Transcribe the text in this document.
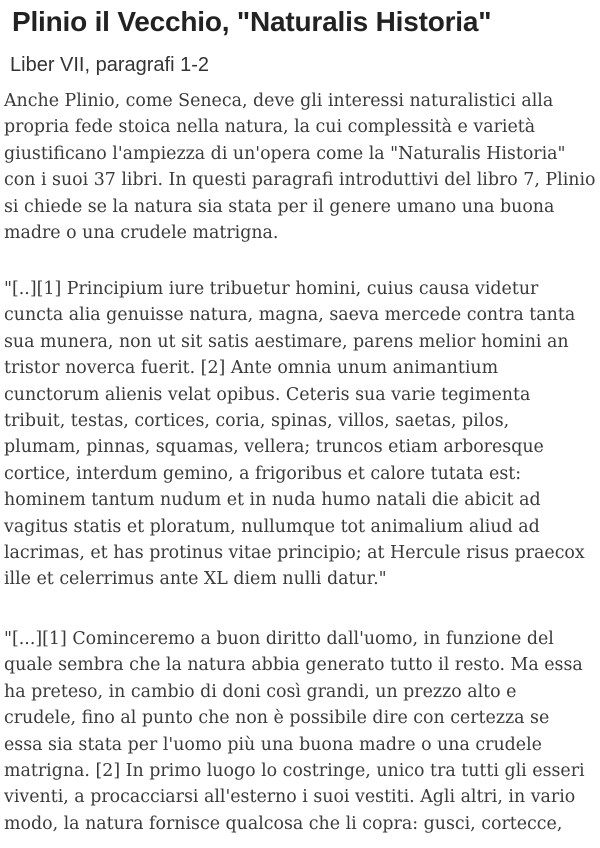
Plinio il Vecchio, "Naturalis Historia"
Liber VII, paragrafi 1-2

Anche Plinio, come Seneca, deve gli interessi naturalistici alla
propria fede stoica nella natura, la cui complessità e varietà
giustificano l'ampiezza di un'opera come la "Naturalis Historia"
con i suoi 37 libri. In questi paragrafi introduttivi del libro 7, Plinio
si chiede se la natura sia stata per il genere umano una buona
madre o una crudele matrigna.

"[..][1] Principium iure tribuetur homini, cuius causa videtur
cuncta alia genuisse natura, magna, saeva mercede contra tanta
sua munera, non ut sit satis aestimare, parens melior homini an
tristor noverca fuerit. [2] Ante omnia unum animantium
cunctorum alienis velat opibus. Ceteris sua varie tegimenta
tribuit, testas, cortices, coria, spinas, villos, saetas, pilos,
plumam, pinnas, squamas, vellera; truncos etiam arboresque
cortice, interdum gemino, a frigoribus et calore tutata est:
hominem tantum nudum et in nuda humo natali die abicit ad
vagitus statis et ploratum, nullumque tot animalium aliud ad
lacrimas, et has protinus vitae principio; at Hercule risus praecox
ille et celerrimus ante XL diem nulli datur."

"[...][1] Cominceremo a buon diritto dall'uomo, in funzione del
quale sembra che la natura abbia generato tutto il resto. Ma essa
ha preteso, in cambio di doni così grandi, un prezzo alto e
crudele, fino al punto che non è possibile dire con certezza se
essa sia stata per l'uomo più una buona madre o una crudele
matrigna. [2] In primo luogo lo costringe, unico tra tutti gli esseri
viventi, a procacciarsi all'esterno i suoi vestiti. Agli altri, in vario
modo, la natura fornisce qualcosa che li copra: gusci, cortecce,
